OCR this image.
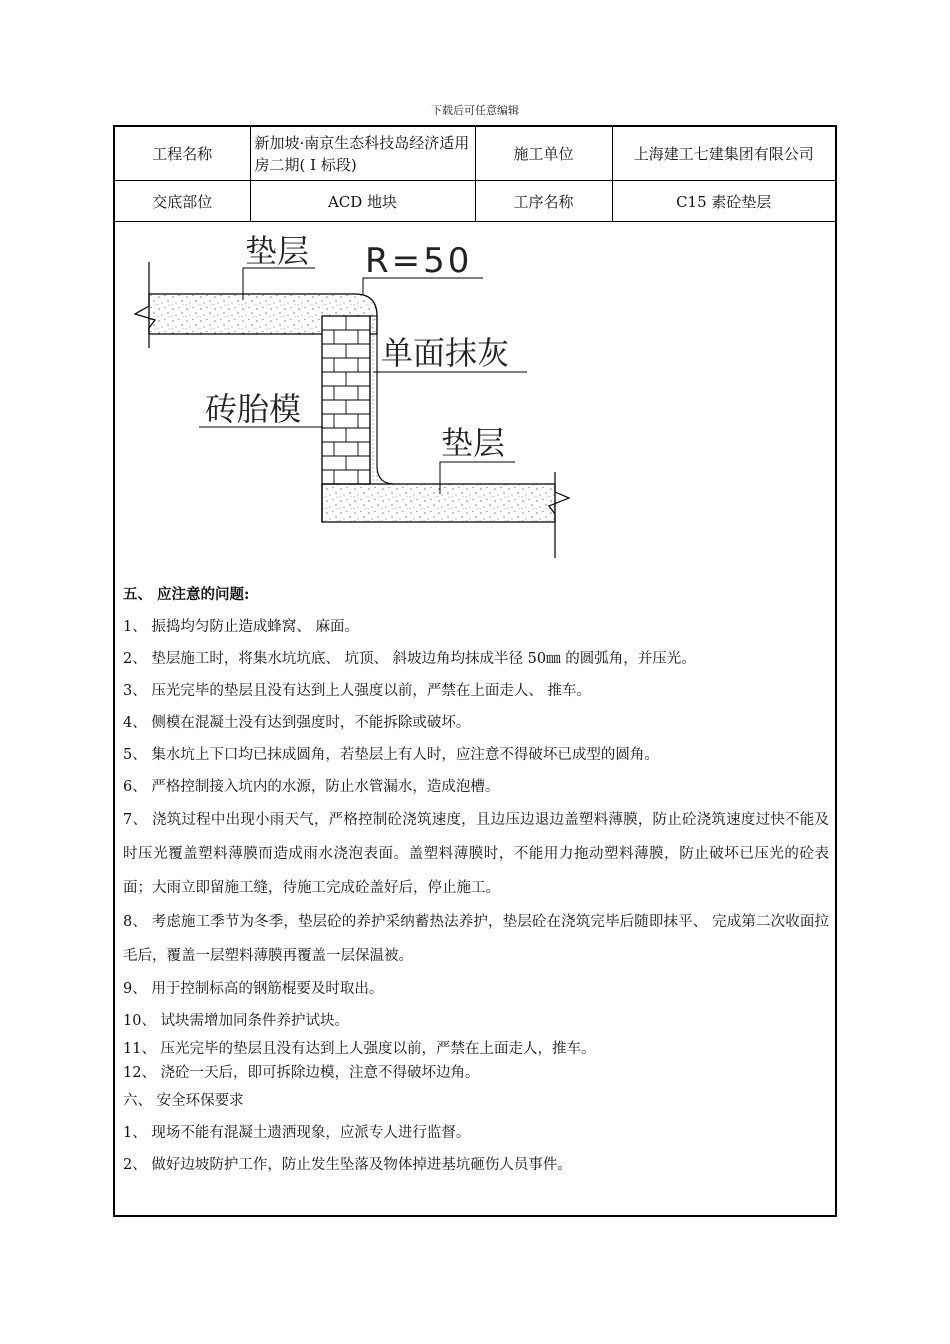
下载后可任意编辑
工程名称	新加坡·南京生态科技岛经济适用房二期( Ⅰ 标段)	施工单位	上海建工七建集团有限公司
交底部位	ACD 地块	工序名称	C15 素砼垫层
垫层 R=50
单面抹灰
砖胎模
垫层
五、 应注意的问题:
1、 振捣均匀防止造成蜂窝、 麻面。
2、 垫层施工时，将集水坑坑底、 坑顶、 斜坡边角均抹成半径 50㎜ 的圆弧角，并压光。
3、 压光完毕的垫层且没有达到上人强度以前，严禁在上面走人、 推车。
4、 侧模在混凝土没有达到强度时，不能拆除或破坏。
5、 集水坑上下口均已抹成圆角，若垫层上有人时，应注意不得破坏已成型的圆角。
6、 严格控制接入坑内的水源，防止水管漏水，造成泡槽。
7、 浇筑过程中出现小雨天气，严格控制砼浇筑速度，且边压边退边盖塑料薄膜，防止砼浇筑速度过快不能及时压光覆盖塑料薄膜而造成雨水浇泡表面。盖塑料薄膜时，不能用力拖动塑料薄膜，防止破坏已压光的砼表面；大雨立即留施工缝，待施工完成砼盖好后，停止施工。
8、 考虑施工季节为冬季，垫层砼的养护采纳蓄热法养护，垫层砼在浇筑完毕后随即抹平、 完成第二次收面拉毛后，覆盖一层塑料薄膜再覆盖一层保温被。
9、 用于控制标高的钢筋棍要及时取出。
10、 试块需增加同条件养护试块。
11、 压光完毕的垫层且没有达到上人强度以前，严禁在上面走人，推车。
12、 浇砼一天后，即可拆除边模，注意不得破坏边角。
六、 安全环保要求
1、 现场不能有混凝土遗洒现象，应派专人进行监督。
2、 做好边坡防护工作，防止发生坠落及物体掉进基坑砸伤人员事件。
